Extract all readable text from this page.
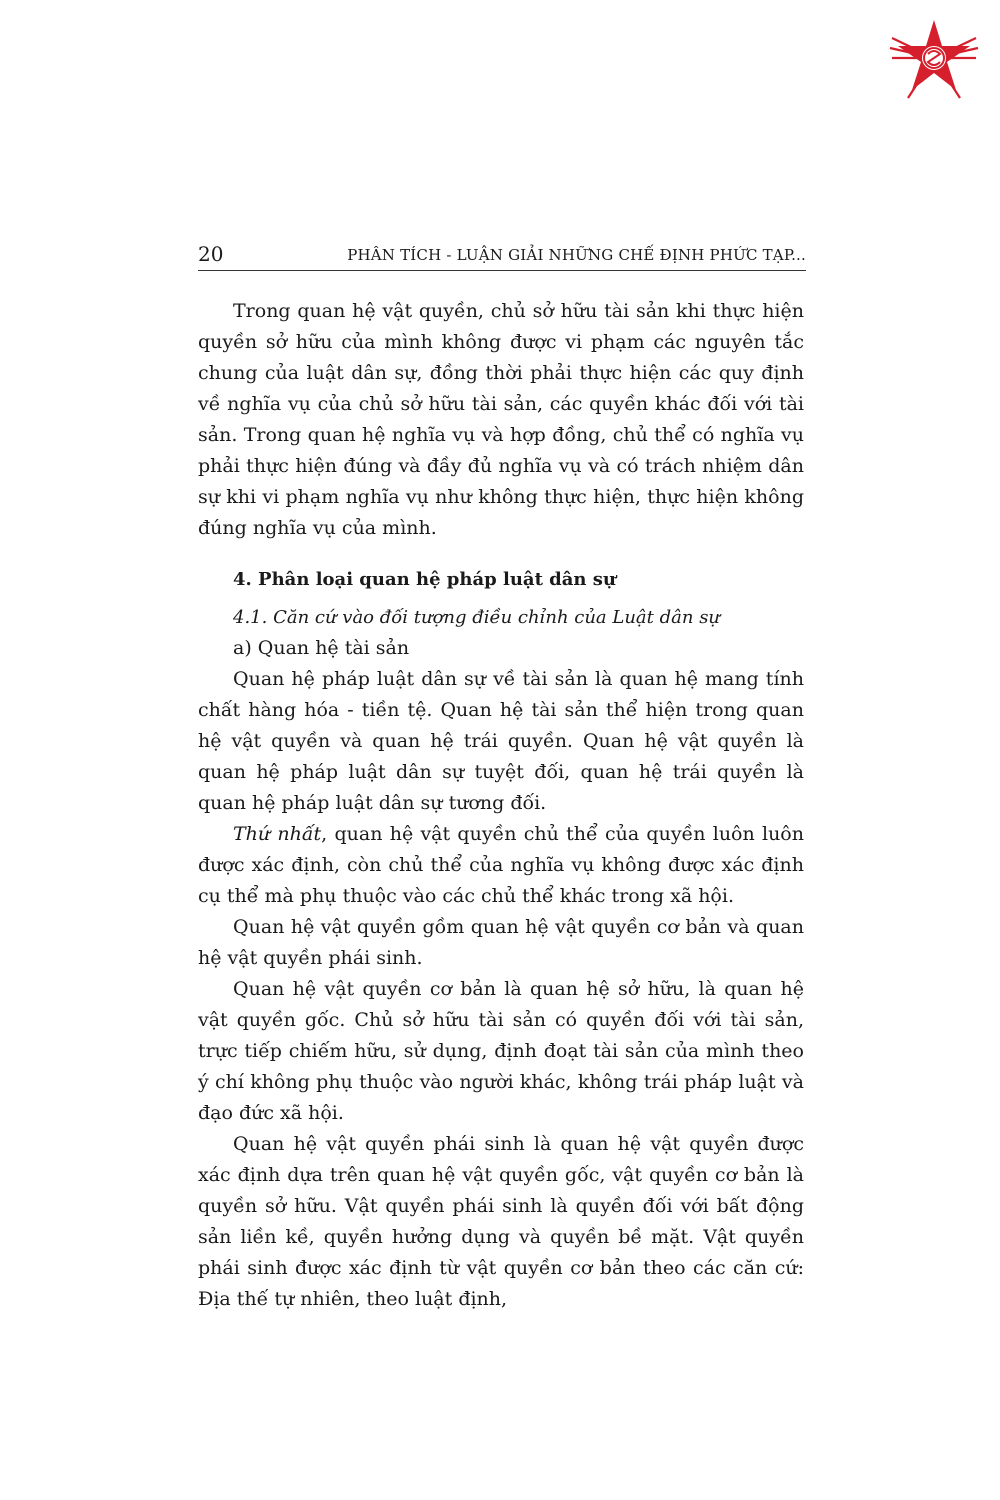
20	PHÂN TÍCH - LUẬN GIẢI NHỮNG CHẾ ĐỊNH PHỨC TẠP...

Trong quan hệ vật quyền, chủ sở hữu tài sản khi thực hiện quyền sở hữu của mình không được vi phạm các nguyên tắc chung của luật dân sự, đồng thời phải thực hiện các quy định về nghĩa vụ của chủ sở hữu tài sản, các quyền khác đối với tài sản. Trong quan hệ nghĩa vụ và hợp đồng, chủ thể có nghĩa vụ phải thực hiện đúng và đầy đủ nghĩa vụ và có trách nhiệm dân sự khi vi phạm nghĩa vụ như không thực hiện, thực hiện không đúng nghĩa vụ của mình.

4. Phân loại quan hệ pháp luật dân sự
4.1. Căn cứ vào đối tượng điều chỉnh của Luật dân sự
a) Quan hệ tài sản

Quan hệ pháp luật dân sự về tài sản là quan hệ mang tính chất hàng hóa - tiền tệ. Quan hệ tài sản thể hiện trong quan hệ vật quyền và quan hệ trái quyền. Quan hệ vật quyền là quan hệ pháp luật dân sự tuyệt đối, quan hệ trái quyền là quan hệ pháp luật dân sự tương đối.

Thứ nhất, quan hệ vật quyền chủ thể của quyền luôn luôn được xác định, còn chủ thể của nghĩa vụ không được xác định cụ thể mà phụ thuộc vào các chủ thể khác trong xã hội.

Quan hệ vật quyền gồm quan hệ vật quyền cơ bản và quan hệ vật quyền phái sinh.

Quan hệ vật quyền cơ bản là quan hệ sở hữu, là quan hệ vật quyền gốc. Chủ sở hữu tài sản có quyền đối với tài sản, trực tiếp chiếm hữu, sử dụng, định đoạt tài sản của mình theo ý chí không phụ thuộc vào người khác, không trái pháp luật và đạo đức xã hội.

Quan hệ vật quyền phái sinh là quan hệ vật quyền được xác định dựa trên quan hệ vật quyền gốc, vật quyền cơ bản là quyền sở hữu. Vật quyền phái sinh là quyền đối với bất động sản liền kề, quyền hưởng dụng và quyền bề mặt. Vật quyền phái sinh được xác định từ vật quyền cơ bản theo các căn cứ: Địa thế tự nhiên, theo luật định,
